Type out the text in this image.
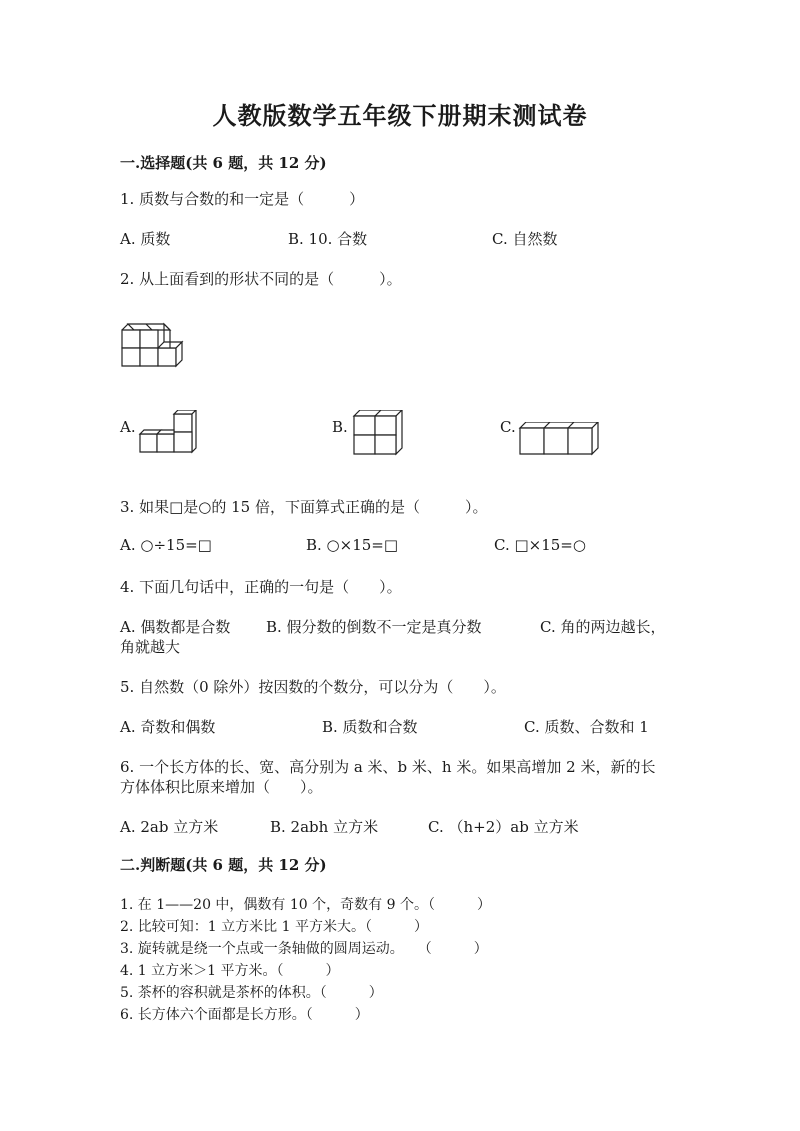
人教版数学五年级下册期末测试卷
一.选择题(共 6 题，共 12 分)
1. 质数与合数的和一定是（　　　）
A. 质数	B. 10. 合数	C. 自然数
2. 从上面看到的形状不同的是（　　　）。
A.	B.	C.
3. 如果□是○的 15 倍，下面算式正确的是（　　　）。
A. ○÷15=□	B. ○×15=□	C. □×15=○
4. 下面几句话中，正确的一句是（　　）。
A. 偶数都是合数 B. 假分数的倒数不一定是真分数	C. 角的两边越长，
角就越大
5. 自然数（0 除外）按因数的个数分，可以分为（　　）。
A. 奇数和偶数	B. 质数和合数	C. 质数、合数和 1
6. 一个长方体的长、宽、高分别为 a 米、b 米、h 米。如果高增加 2 米，新的长
方体体积比原来增加（　　）。
A. 2ab 立方米	B. 2abh 立方米	C. （h+2）ab 立方米
二.判断题(共 6 题，共 12 分)
1. 在 1——20 中，偶数有 10 个，奇数有 9 个。（　　　）
2. 比较可知：1 立方米比 1 平方米大。（　　　）
3. 旋转就是绕一个点或一条轴做的圆周运动。　　（　　　）
4. 1 立方米＞1 平方米。（　　　）
5. 茶杯的容积就是茶杯的体积。（　　　）
6. 长方体六个面都是长方形。（　　　）
